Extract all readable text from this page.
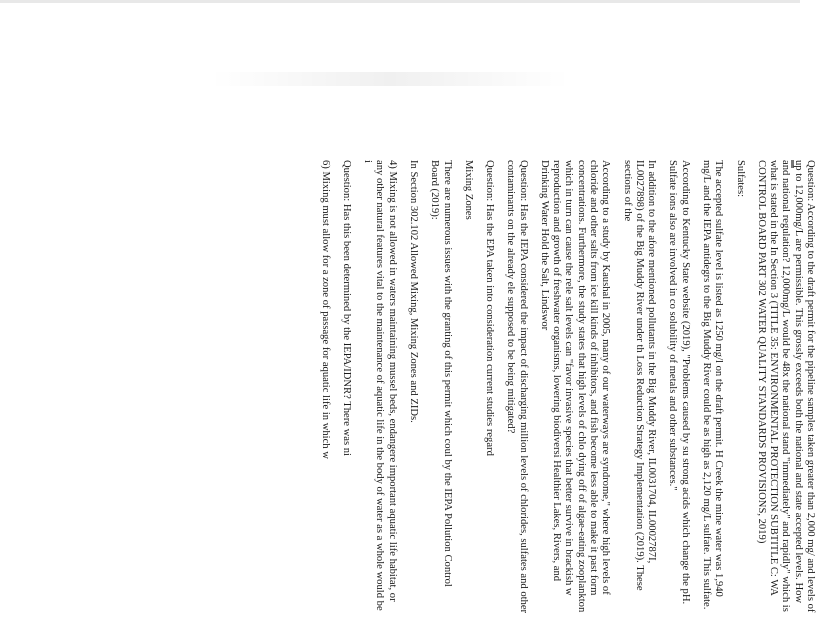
Question: According to the draft permit for the pipeline samples taken greater than 2,000 mg/ and levels of up to 12,000mg/L are permissible. This grossly exceeds both the national and state accepted levels. How and national regulation? 12,000mg/L would be 48x the national stand "immediately" and rapidly" which is what is stated in the In Section 3 (TITLE 35: ENVIRONMENTAL PROTECTION SUBTITLE C: WA CONTROL BOARD PART 302 WATER QUALITY STANDARDS PROVISIONS, 2019)

Sulfates:

The accepted sulfate level is listed as 1250 mg/l on the draft permit. H Creek the mine water was 1,940 mg/L and the IEPA antidegrs to the Big Muddy River could be as high as 2,120 mg/L sulfate. This sulfate.

According to Kentucky State website (2019), "Problems caused by su strong acids which change the pH. Sulfate ions also are involved in co solubility of metals and other substances."

In addition to the afore mentioned pollutants in the Big Muddy River, IL0031704, IL0002787I, IL0027898) of the Big Muddy River under th Loss Reduction Strategy Implementation (2019). These sections of the

According to a study by Kaushal in 2005, many of our waterways are syndrome," where high levels of chloride and other salts from ice kill kinds of inhibitors, and fish become less able to make it past form concentrations. Furthermore, the study states that high levels of chlo dying off of algae-eating zooplankton which in turn can cause the rele salt levels can "favor invasive species that better survive in brackish w reproduction and growth of freshwater organisms, lowering biodiversi Healthier Lakes, Rivers, and Drinking Water Hold the Salt, Lindswor

Question: Has the IEPA considered the impact of discharging million levels of chlorides, sulfates and other contaminants on the already ele supposed to be being mitigated?

Question: Has the EPA taken into consideration current studies regard

Mixing Zones

There are numerous issues with the granting of this permit which coul by the IEPA Pollution Control Board (2019):

In Section 302.102 Allowed Mixing, Mixing Zones and ZIDs.

4) Mixing is not allowed in waters maintaining mussel beds, endangere important aquatic life habitat, or any other natural features vital to the maintenance of aquatic life in the body of water as a whole would be i

Question: Has this been determined by the IEPA/IDNR? There was ni

6) Mixing must allow for a zone of passage for aquatic life in which w
